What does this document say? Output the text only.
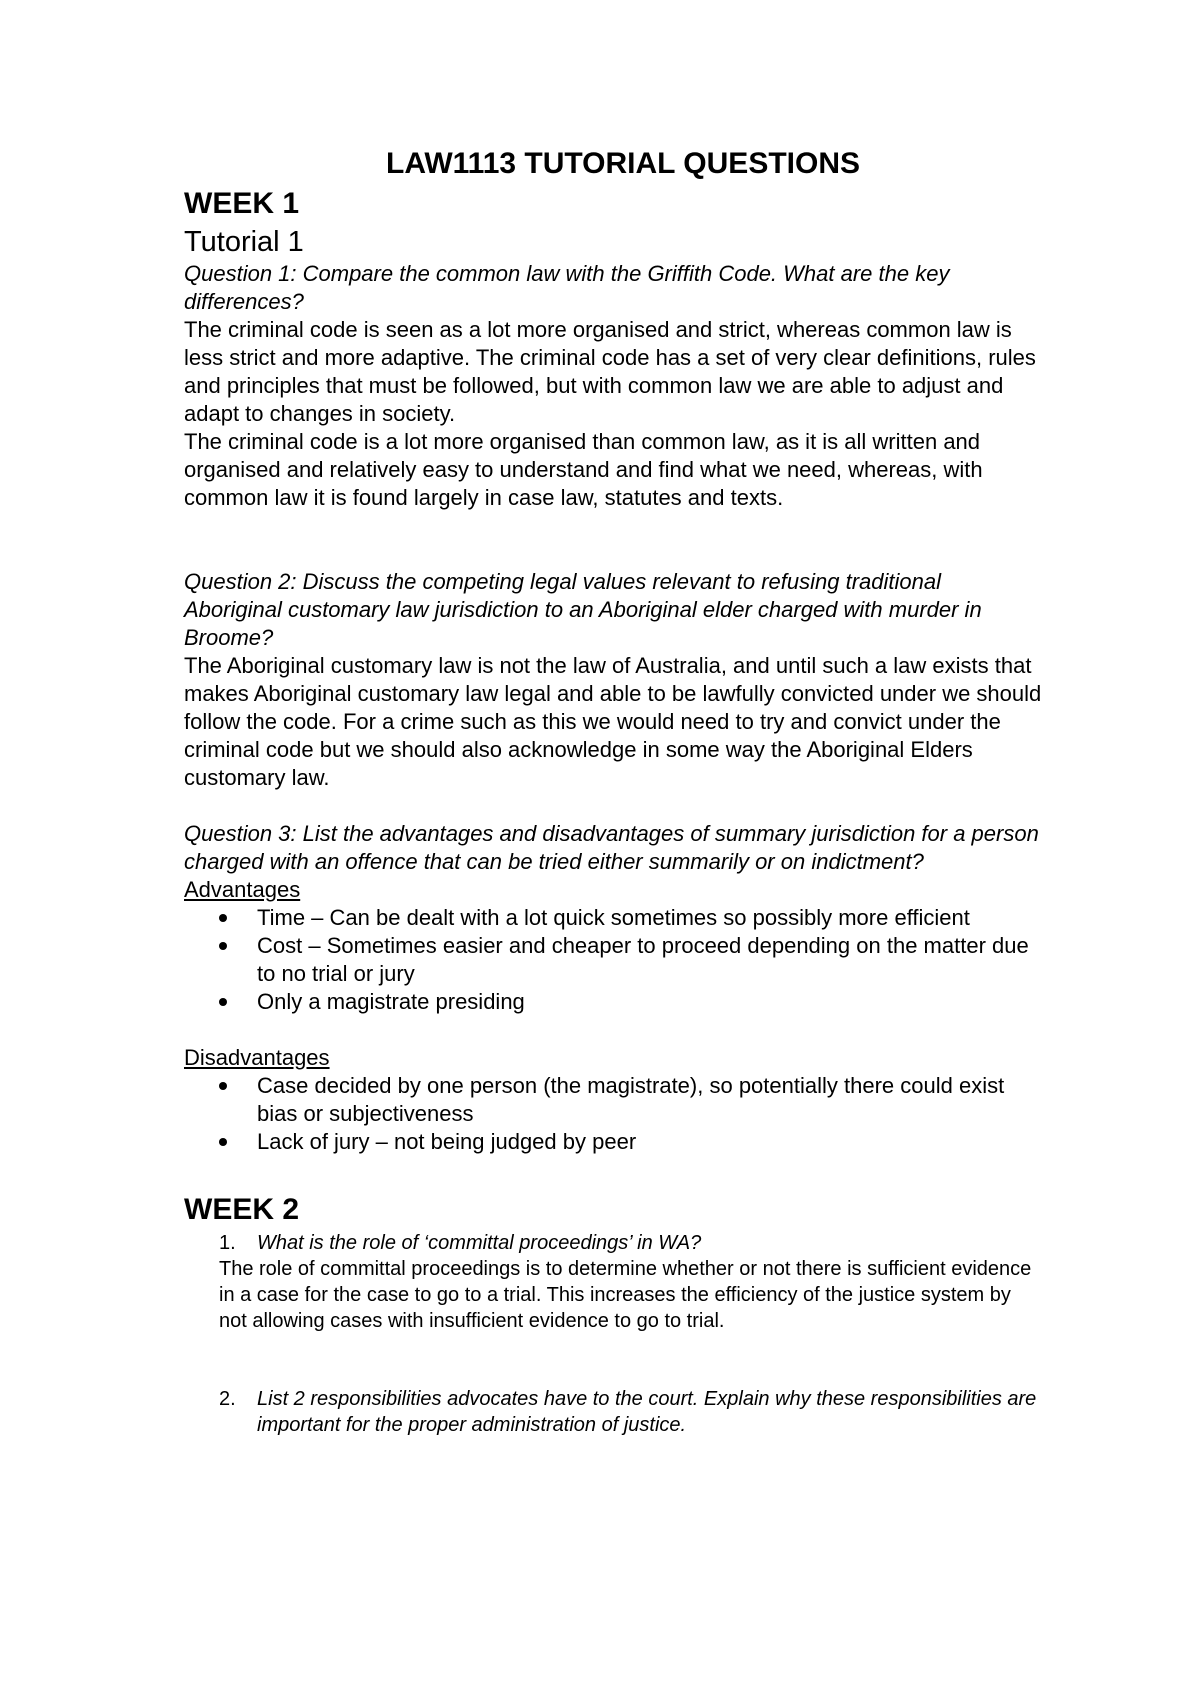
LAW1113 TUTORIAL QUESTIONS
WEEK 1
Tutorial 1

Question 1: Compare the common law with the Griffith Code. What are the key differences?

The criminal code is seen as a lot more organised and strict, whereas common law is less strict and more adaptive. The criminal code has a set of very clear definitions, rules and principles that must be followed, but with common law we are able to adjust and adapt to changes in society.

The criminal code is a lot more organised than common law, as it is all written and organised and relatively easy to understand and find what we need, whereas, with common law it is found largely in case law, statutes and texts.

Question 2: Discuss the competing legal values relevant to refusing traditional Aboriginal customary law jurisdiction to an Aboriginal elder charged with murder in Broome?

The Aboriginal customary law is not the law of Australia, and until such a law exists that makes Aboriginal customary law legal and able to be lawfully convicted under we should follow the code. For a crime such as this we would need to try and convict under the criminal code but we should also acknowledge in some way the Aboriginal Elders customary law.

Question 3: List the advantages and disadvantages of summary jurisdiction for a person charged with an offence that can be tried either summarily or on indictment?

Advantages

Time – Can be dealt with a lot quick sometimes so possibly more efficient
Cost – Sometimes easier and cheaper to proceed depending on the matter due to no trial or jury
Only a magistrate presiding

Disadvantages

Case decided by one person (the magistrate), so potentially there could exist bias or subjectiveness
Lack of jury – not being judged by peer
WEEK 2
1. What is the role of ‘committal proceedings’ in WA?

The role of committal proceedings is to determine whether or not there is sufficient evidence in a case for the case to go to a trial. This increases the efficiency of the justice system by not allowing cases with insufficient evidence to go to trial.

2. List 2 responsibilities advocates have to the court. Explain why these responsibilities are important for the proper administration of justice.
